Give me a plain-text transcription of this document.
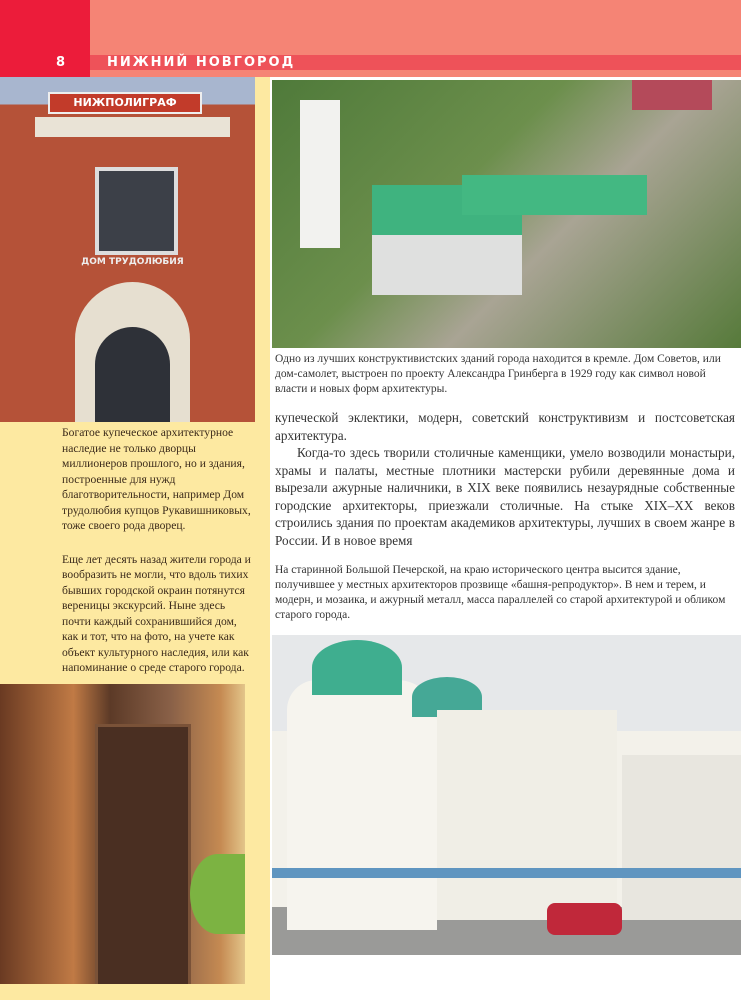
8	НИЖНИЙ НОВГОРОД
НИЖПОЛИГРАФ
ДОМ ТРУДОЛЮБИЯ
Богатое купеческое архитектурное наследие не только дворцы миллионеров прошлого, но и здания, построенные для нужд благотворительности, например Дом трудолюбия купцов Рукавишниковых, тоже своего рода дворец.
Еще лет десять назад жители города и вообразить не могли, что вдоль тихих бывших городской окраин потянутся вереницы экскурсий. Ныне здесь почти каждый сохранившийся дом, как и тот, что на фото, на учете как объект культурного наследия, или как напоминание о среде старого города.
Одно из лучших конструктивистских зданий города находится в кремле. Дом Советов, или дом-самолет, выстроен по проекту Александра Гринберга в 1929 году как символ новой власти и новых форм архитектуры.

купеческой эклектики, модерн, советский конструктивизм и постсоветская архитектура.

Когда-то здесь творили столичные каменщики, умело возводили монастыри, храмы и палаты, местные плотники мастерски рубили деревянные дома и вырезали ажурные наличники, в XIX веке появились незаурядные собственные городские архитекторы, приезжали столичные. На стыке XIX–XX веков строились здания по проектам академиков архитектуры, лучших в своем жанре в России. И в новое время

На старинной Большой Печерской, на краю исторического центра высится здание, получившее у местных архитекторов прозвище «башня-репродуктор». В нем и терем, и модерн, и мозаика, и ажурный металл, масса параллелей со старой архитектурой и обликом старого города.
